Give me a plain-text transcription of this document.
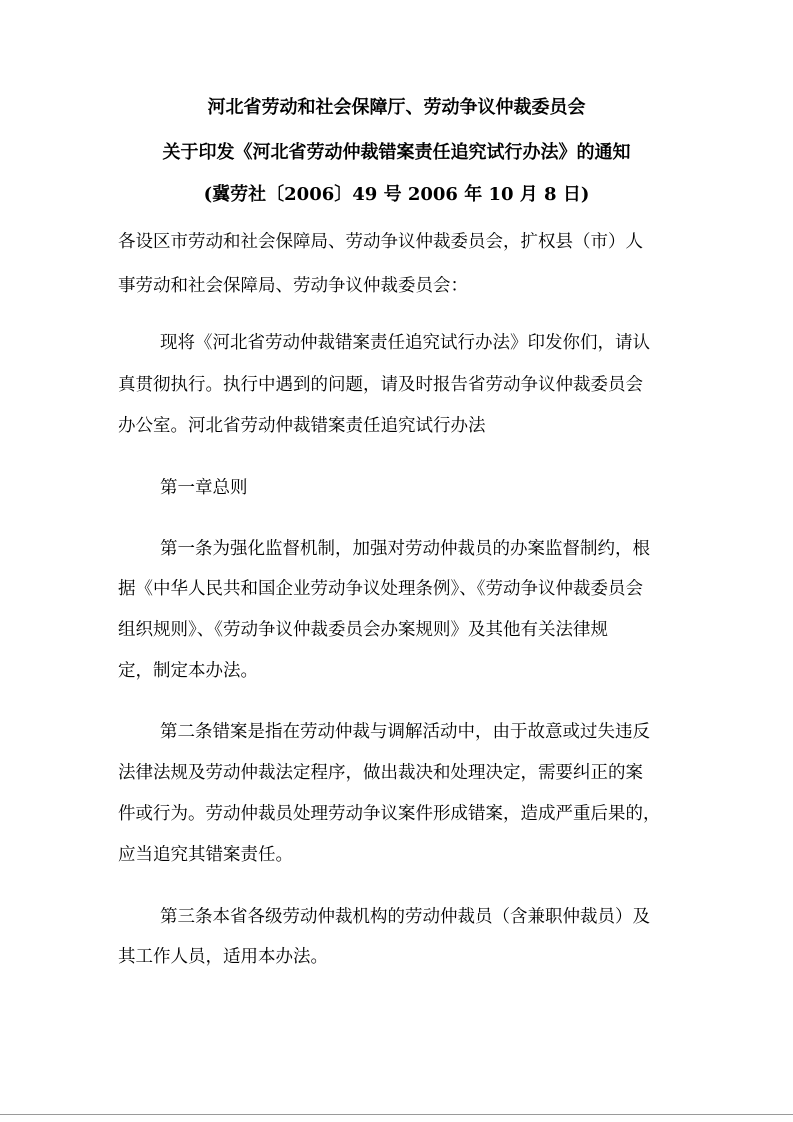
河北省劳动和社会保障厅、劳动争议仲裁委员会
关于印发《河北省劳动仲裁错案责任追究试行办法》的通知
(冀劳社〔2006〕49 号 2006 年 10 月 8 日)
各设区市劳动和社会保障局、劳动争议仲裁委员会，扩权县（市）人
事劳动和社会保障局、劳动争议仲裁委员会：
现将《河北省劳动仲裁错案责任追究试行办法》印发你们，请认
真贯彻执行。执行中遇到的问题，请及时报告省劳动争议仲裁委员会
办公室。河北省劳动仲裁错案责任追究试行办法
第一章总则
第一条为强化监督机制，加强对劳动仲裁员的办案监督制约，根
据《中华人民共和国企业劳动争议处理条例》、《劳动争议仲裁委员会
组织规则》、《劳动争议仲裁委员会办案规则》及其他有关法律规
定，制定本办法。
第二条错案是指在劳动仲裁与调解活动中，由于故意或过失违反
法律法规及劳动仲裁法定程序，做出裁决和处理决定，需要纠正的案
件或行为。劳动仲裁员处理劳动争议案件形成错案，造成严重后果的，
应当追究其错案责任。
第三条本省各级劳动仲裁机构的劳动仲裁员（含兼职仲裁员）及
其工作人员，适用本办法。
